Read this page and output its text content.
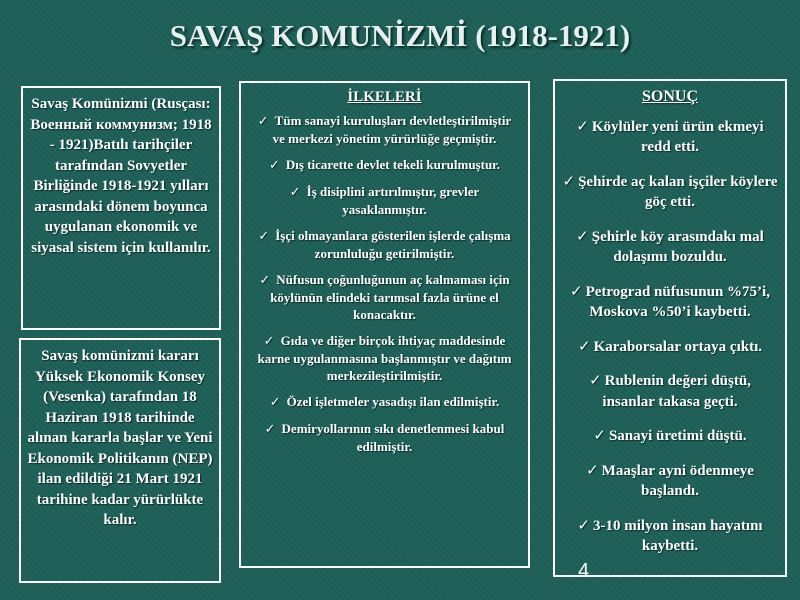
SAVAŞ KOMUNİZMİ (1918-1921)
Savaş Komünizmi (Rusçası: Военный коммунизм; 1918 - 1921)Batılı tarihçiler tarafından Sovyetler Birliğinde 1918-1921 yılları arasındaki dönem boyunca uygulanan ekonomik ve siyasal sistem için kullanılır.
Savaş komünizmi kararı Yüksek Ekonomik Konsey (Vesenka) tarafından 18 Haziran 1918 tarihinde alınan kararla başlar ve Yeni Ekonomik Politikanın (NEP) ilan edildiği 21 Mart 1921 tarihine kadar yürürlükte kalır.
İLKELERİ
✓ Tüm sanayi kuruluşları devletleştirilmiştir ve merkezi yönetim yürürlüğe geçmiştir.
✓ Dış ticarette devlet tekeli kurulmuştur.
✓ İş disiplini artırılmıştır, grevler yasaklanmıştır.
✓ İşçi olmayanlara gösterilen işlerde çalışma zorunluluğu getirilmiştir.
✓ Nüfusun çoğunluğunun aç kalmaması için köylünün elindeki tarımsal fazla ürüne el konacaktır.
✓ Gıda ve diğer birçok ihtiyaç maddesinde karne uygulanmasına başlanmıştır ve dağıtım merkezileştirilmiştir.
✓ Özel işletmeler yasadışı ilan edilmiştir.
✓ Demiryollarının sıkı denetlenmesi kabul edilmiştir.
SONUÇ
✓ Köylüler yeni ürün ekmeyi redd etti.
✓ Şehirde aç kalan işçiler köylere göç etti.
✓ Şehirle köy arasındakı mal dolaşımı bozuldu.
✓ Petrograd nüfusunun %75’i, Moskova %50’i kaybetti.
✓ Karaborsalar ortaya çıktı.
✓ Rublenin değeri düştü, insanlar takasa geçti.
✓ Sanayi üretimi düştü.
✓ Maaşlar ayni ödenmeye başlandı.
✓ 3-10 milyon insan hayatını kaybetti.
4
